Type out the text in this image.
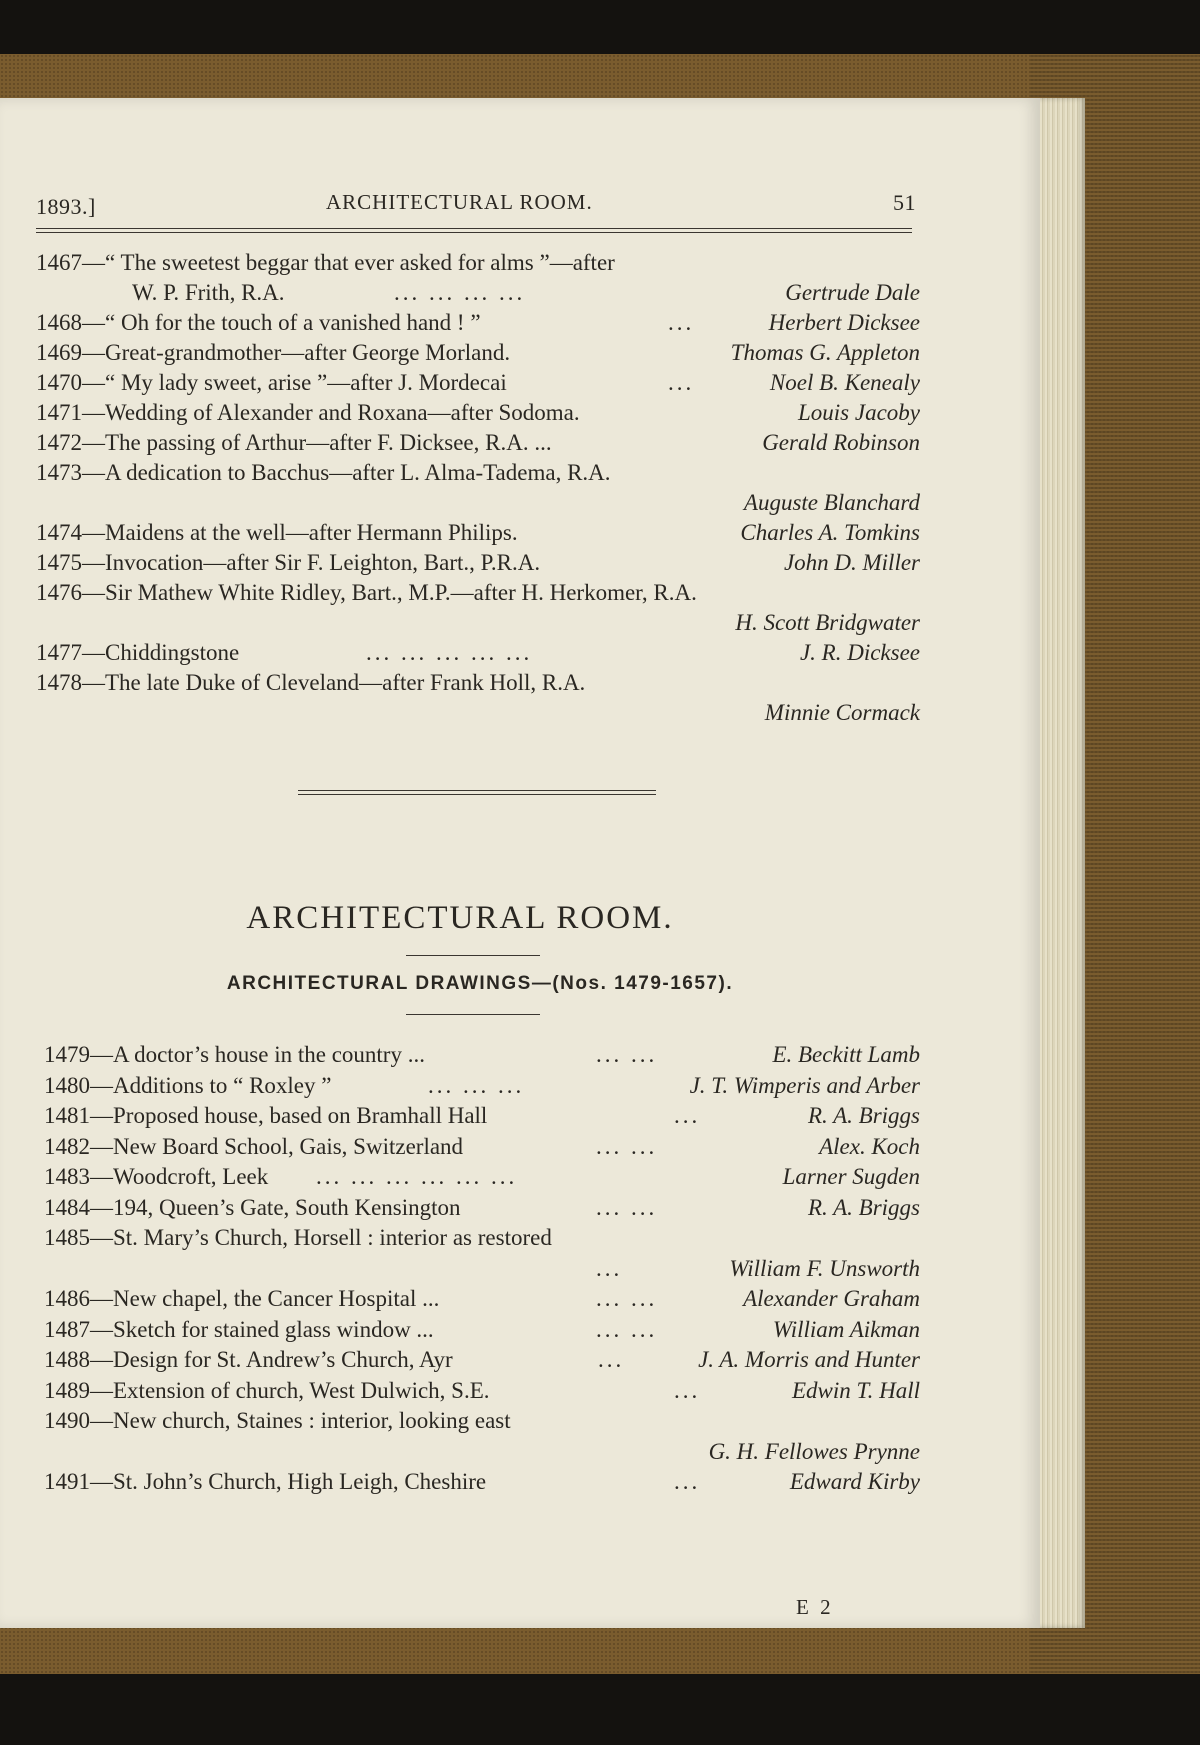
1893.]	ARCHITECTURAL ROOM.	51
1467—“ The sweetest beggar that ever asked for alms ”—after
W. P. Frith, R.A.	... ... ... ...	Gertrude Dale
1468—“ Oh for the touch of a vanished hand ! ”	...	Herbert Dicksee
1469—Great-grandmother—after George Morland.	Thomas G. Appleton
1470—“ My lady sweet, arise ”—after J. Mordecai	...	Noel B. Kenealy
1471—Wedding of Alexander and Roxana—after Sodoma.	Louis Jacoby
1472—The passing of Arthur—after F. Dicksee, R.A. ...	Gerald Robinson
1473—A dedication to Bacchus—after L. Alma-Tadema, R.A.
Auguste Blanchard
1474—Maidens at the well—after Hermann Philips.	Charles A. Tomkins
1475—Invocation—after Sir F. Leighton, Bart., P.R.A.	John D. Miller
1476—Sir Mathew White Ridley, Bart., M.P.—after H. Herkomer, R.A.
H. Scott Bridgwater
1477—Chiddingstone	... ... ... ... ...	J. R. Dicksee
1478—The late Duke of Cleveland—after Frank Holl, R.A.
Minnie Cormack
ARCHITECTURAL ROOM.
ARCHITECTURAL DRAWINGS—(Nos. 1479-1657).
1479—A doctor’s house in the country ...	... ...	E. Beckitt Lamb
1480—Additions to “ Roxley ”	... ... ...	J. T. Wimperis and Arber
1481—Proposed house, based on Bramhall Hall	...	R. A. Briggs
1482—New Board School, Gais, Switzerland	... ...	Alex. Koch
1483—Woodcroft, Leek ... ... ... ... ... ...	Larner Sugden
1484—194, Queen’s Gate, South Kensington	... ...	R. A. Briggs
1485—St. Mary’s Church, Horsell : interior as restored
...	William F. Unsworth
1486—New chapel, the Cancer Hospital ...	... ...	Alexander Graham
1487—Sketch for stained glass window ...	... ...	William Aikman
1488—Design for St. Andrew’s Church, Ayr	...	J. A. Morris and Hunter
1489—Extension of church, West Dulwich, S.E.	...	Edwin T. Hall
1490—New church, Staines : interior, looking east
G. H. Fellowes Prynne
1491—St. John’s Church, High Leigh, Cheshire	...	Edward Kirby
E 2
